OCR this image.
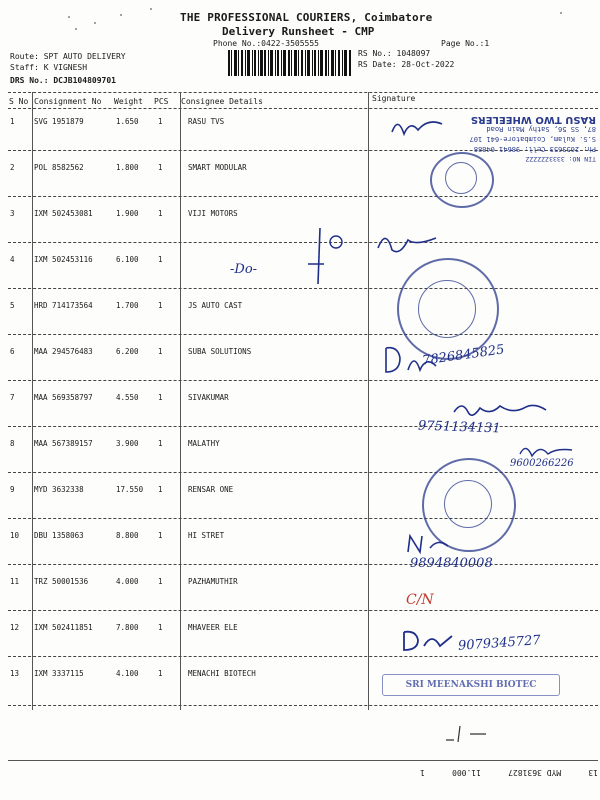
THE PROFESSIONAL COURIERS, Coimbatore
Delivery Runsheet - CMP
Phone No.:0422-3505555	Page No.:1
RS No.: 1048097
RS Date: 28-Oct-2022
Route: SPT AUTO DELIVERY
Staff: K VIGNESH
DRS No.: DCJB104809701
S No Consignment No Weight PCS Consignee Details	Signature
1	SVG 1951879	1.650	1	RASU TVS
2	POL 8582562	1.800	1	SMART MODULAR
3	IXM 502453081	1.900	1	VIJI MOTORS
4	IXM 502453116	6.100	1
5	HRD 714173564	1.700	1	JS AUTO CAST
6	MAA 294576483	6.200	1	SUBA SOLUTIONS
7	MAA 569358797	4.550	1	SIVAKUMAR
8	MAA 567389157	3.900	1	MALATHY
9	MYD 3632338	17.550 1	RENSAR ONE
10 DBU 1358063	8.800	1	HI STRET
11 TRZ 50001536	4.000	1	PAZHAMUTHIR
12 IXM 502411851	7.800	1	MHAVEER ELE
13 IXM 3337115	4.100	1	MENACHI BIOTECH
TIN NO: 3333ZZZZZZ
Ph: 2653653 Cell: 98641 04888
S.S. Kulam, Coimbatore-641 107
87, SS 56, Sathy Main Road
RASU TWO WHEELERS
-Do-
7826845825
9751134131
9600266226
9894840008
C/N
9079345727
SRI MEENAKSHI BIOTEC
13
MYD 3631827
11.000
1
